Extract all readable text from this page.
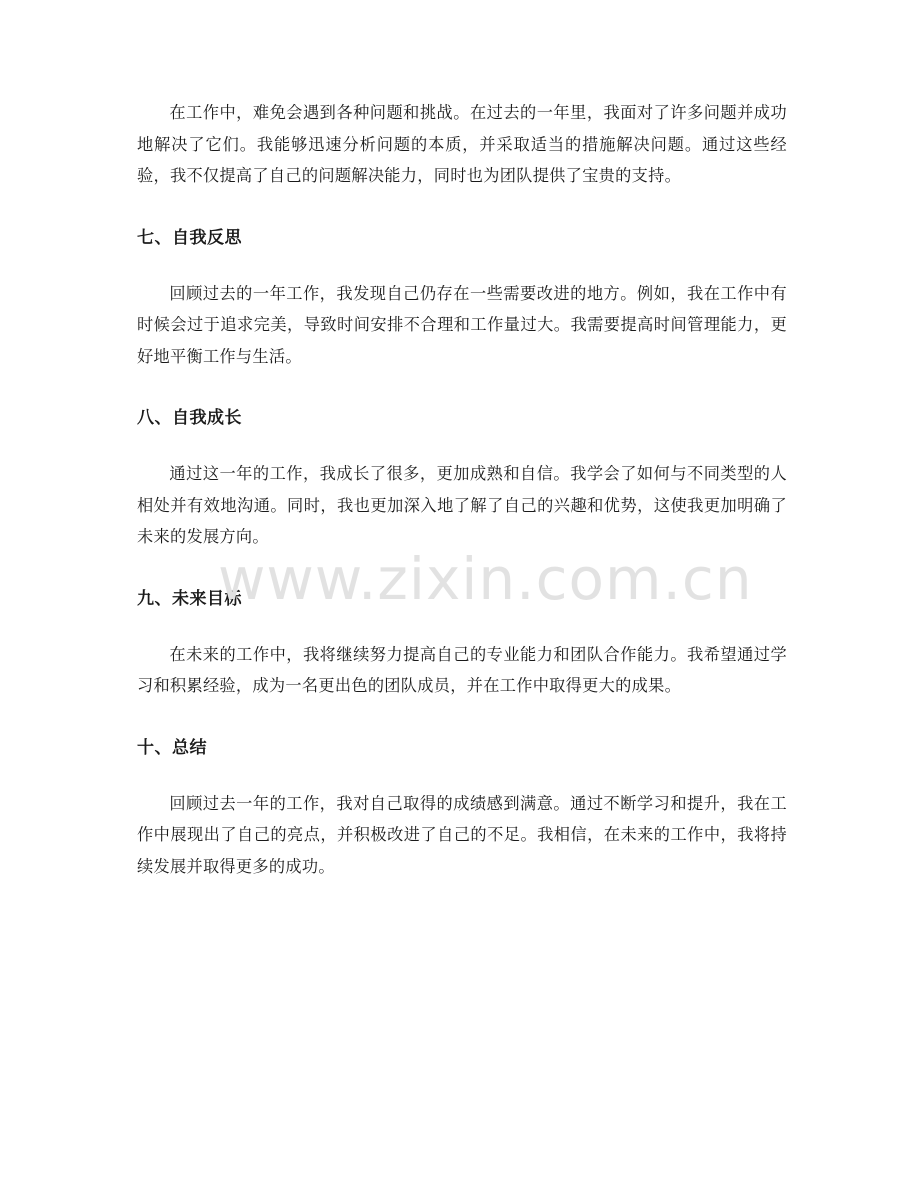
在工作中，难免会遇到各种问题和挑战。在过去的一年里，我面对了许多问题并成功地解决了它们。我能够迅速分析问题的本质，并采取适当的措施解决问题。通过这些经验，我不仅提高了自己的问题解决能力，同时也为团队提供了宝贵的支持。

七、自我反思

回顾过去的一年工作，我发现自己仍存在一些需要改进的地方。例如，我在工作中有时候会过于追求完美，导致时间安排不合理和工作量过大。我需要提高时间管理能力，更好地平衡工作与生活。

八、自我成长

通过这一年的工作，我成长了很多，更加成熟和自信。我学会了如何与不同类型的人相处并有效地沟通。同时，我也更加深入地了解了自己的兴趣和优势，这使我更加明确了未来的发展方向。

九、未来目标

在未来的工作中，我将继续努力提高自己的专业能力和团队合作能力。我希望通过学习和积累经验，成为一名更出色的团队成员，并在工作中取得更大的成果。

十、总结

回顾过去一年的工作，我对自己取得的成绩感到满意。通过不断学习和提升，我在工作中展现出了自己的亮点，并积极改进了自己的不足。我相信，在未来的工作中，我将持续发展并取得更多的成功。

www.zixin.com.cn
